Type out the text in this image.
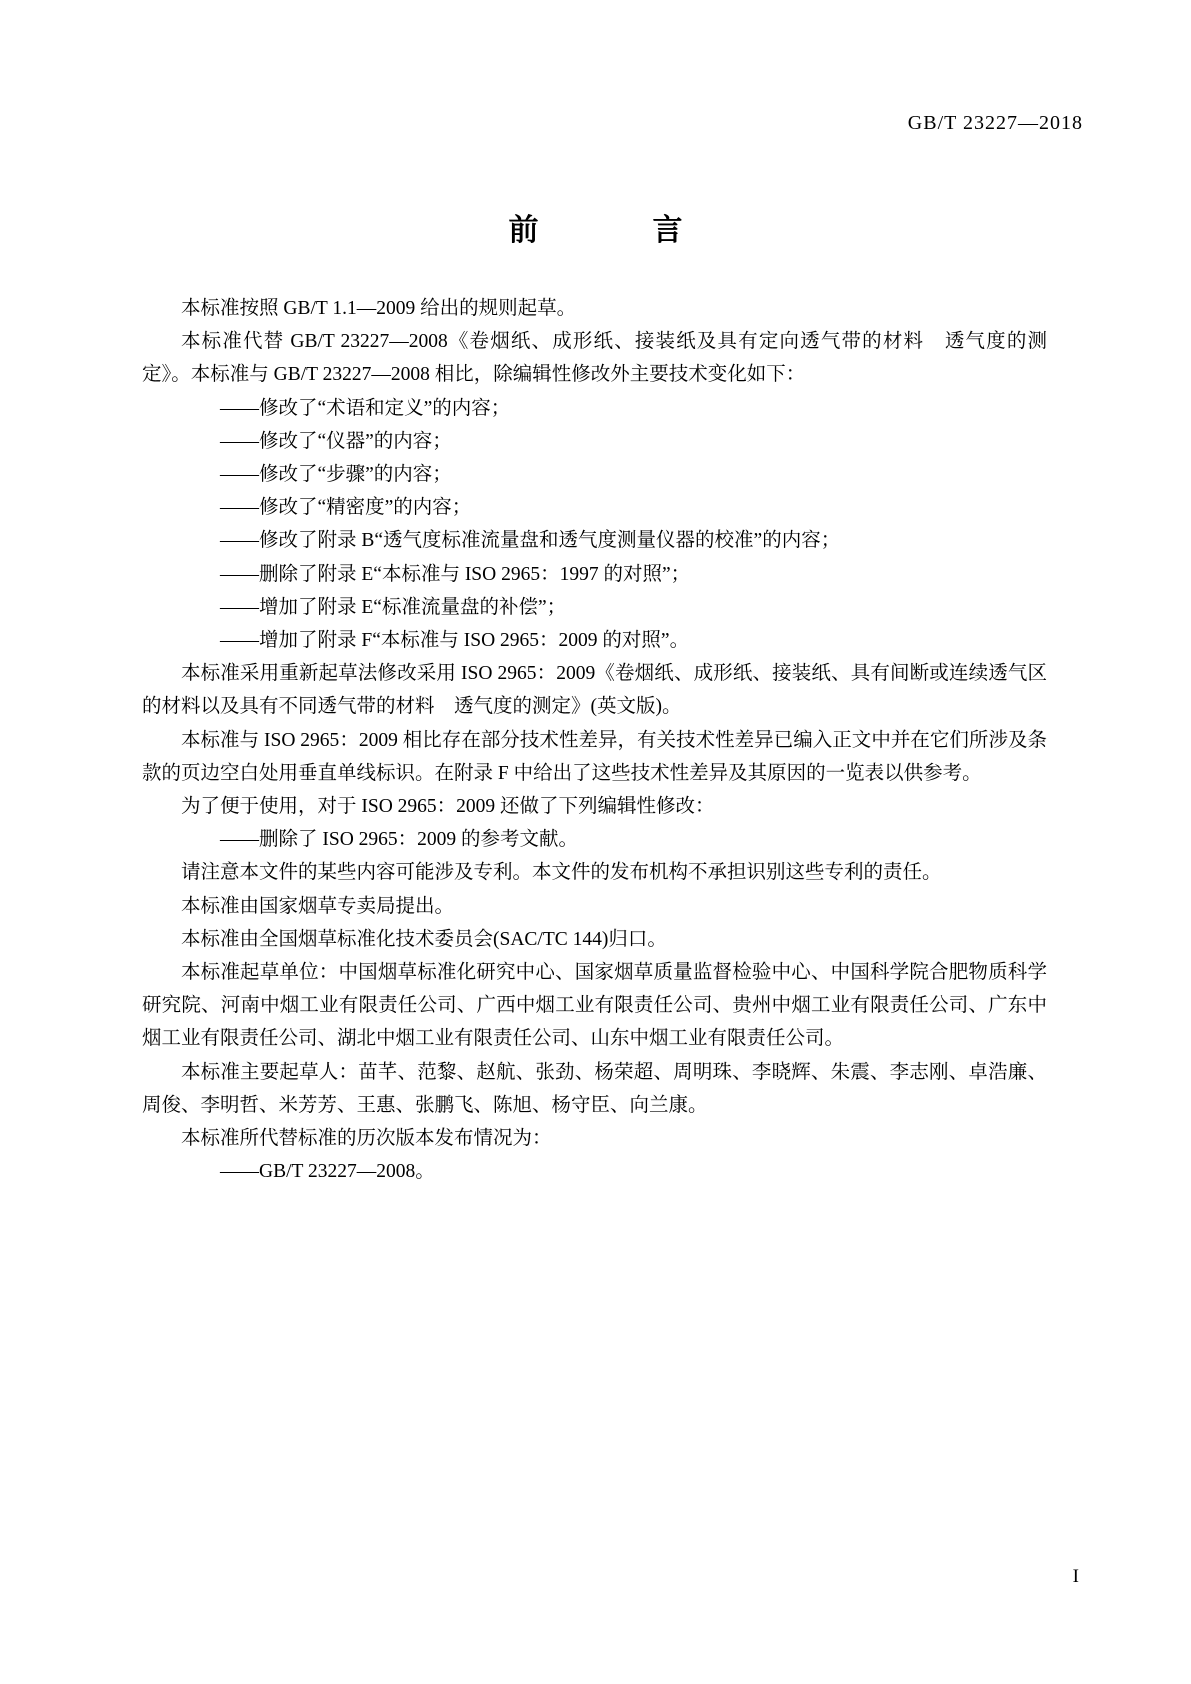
GB/T 23227—2018
前　　言

本标准按照 GB/T 1.1—2009 给出的规则起草。

本标准代替 GB/T 23227—2008《卷烟纸、成形纸、接装纸及具有定向透气带的材料　透气度的测定》。本标准与 GB/T 23227—2008 相比，除编辑性修改外主要技术变化如下：

——修改了“术语和定义”的内容；

——修改了“仪器”的内容；

——修改了“步骤”的内容；

——修改了“精密度”的内容；

——修改了附录 B“透气度标准流量盘和透气度测量仪器的校准”的内容；

——删除了附录 E“本标准与 ISO 2965：1997 的对照”；

——增加了附录 E“标准流量盘的补偿”；

——增加了附录 F“本标准与 ISO 2965：2009 的对照”。

本标准采用重新起草法修改采用 ISO 2965：2009《卷烟纸、成形纸、接装纸、具有间断或连续透气区的材料以及具有不同透气带的材料　透气度的测定》(英文版)。

本标准与 ISO 2965：2009 相比存在部分技术性差异，有关技术性差异已编入正文中并在它们所涉及条款的页边空白处用垂直单线标识。在附录 F 中给出了这些技术性差异及其原因的一览表以供参考。

为了便于使用，对于 ISO 2965：2009 还做了下列编辑性修改：

——删除了 ISO 2965：2009 的参考文献。

请注意本文件的某些内容可能涉及专利。本文件的发布机构不承担识别这些专利的责任。

本标准由国家烟草专卖局提出。

本标准由全国烟草标准化技术委员会(SAC/TC 144)归口。

本标准起草单位：中国烟草标准化研究中心、国家烟草质量监督检验中心、中国科学院合肥物质科学研究院、河南中烟工业有限责任公司、广西中烟工业有限责任公司、贵州中烟工业有限责任公司、广东中烟工业有限责任公司、湖北中烟工业有限责任公司、山东中烟工业有限责任公司。

本标准主要起草人：苗芊、范黎、赵航、张劲、杨荣超、周明珠、李晓辉、朱震、李志刚、卓浩廉、周俊、李明哲、米芳芳、王惠、张鹏飞、陈旭、杨守臣、向兰康。

本标准所代替标准的历次版本发布情况为：

——GB/T 23227—2008。

I
